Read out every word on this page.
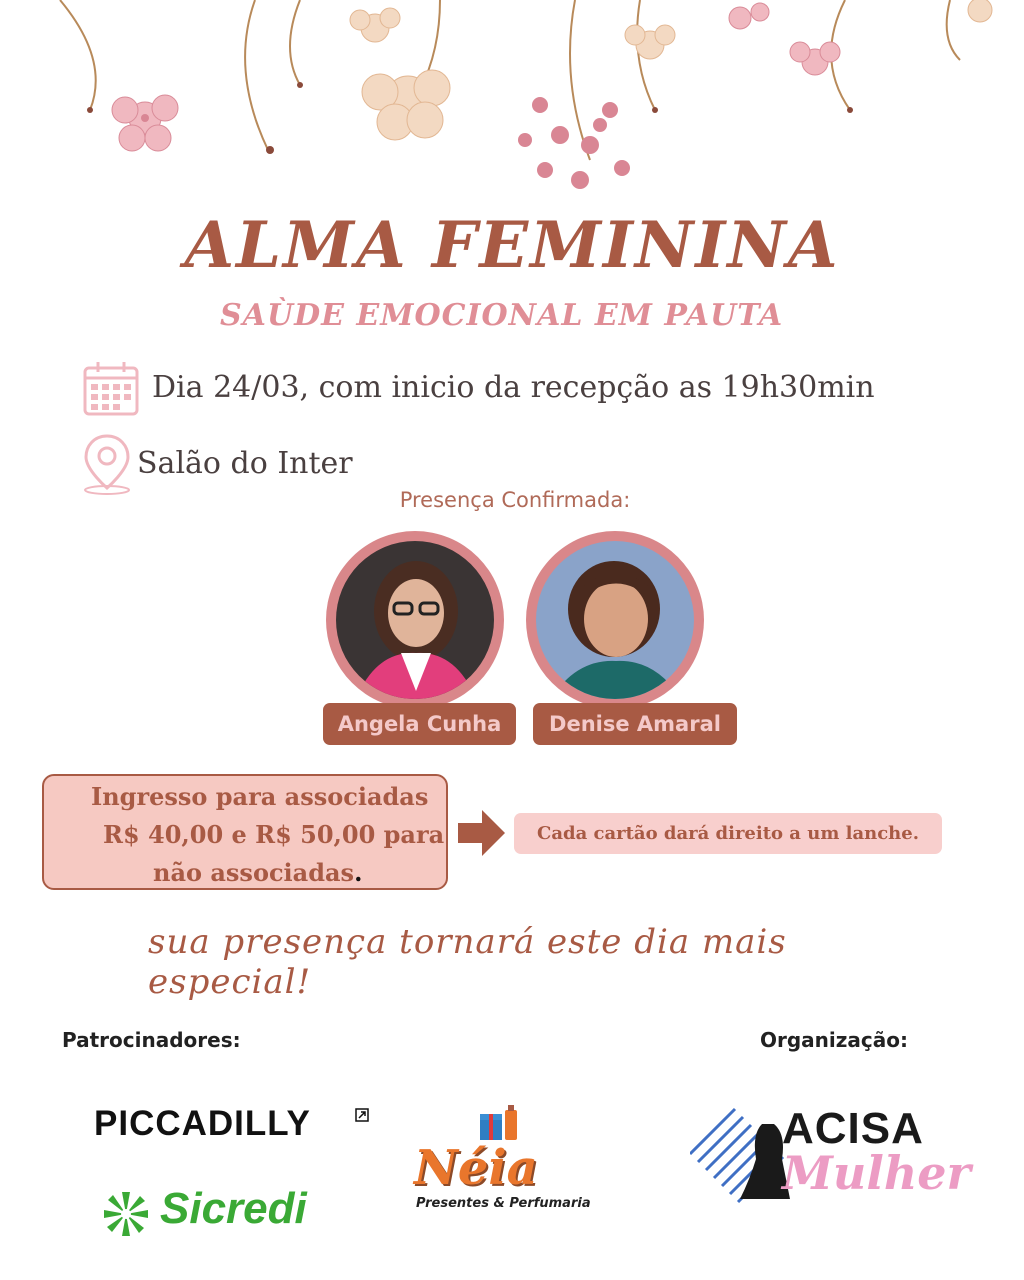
ALMA FEMININA
SAÙDE EMOCIONAL EM PAUTA
Dia 24/03, com inicio da recepção as 19h30min
Salão do Inter
Presença Confirmada:
Angela Cunha	Denise Amaral
Ingresso para associadas
R$ 40,00 e R$ 50,00 para
não associadas.
Cada cartão dará direito a um lanche.
sua presença tornará este dia mais especial!
Patrocinadores:	Organização:
PICCADILLY
Sicredi
Néia
Presentes & Perfumaria
ACISA
Mulher
